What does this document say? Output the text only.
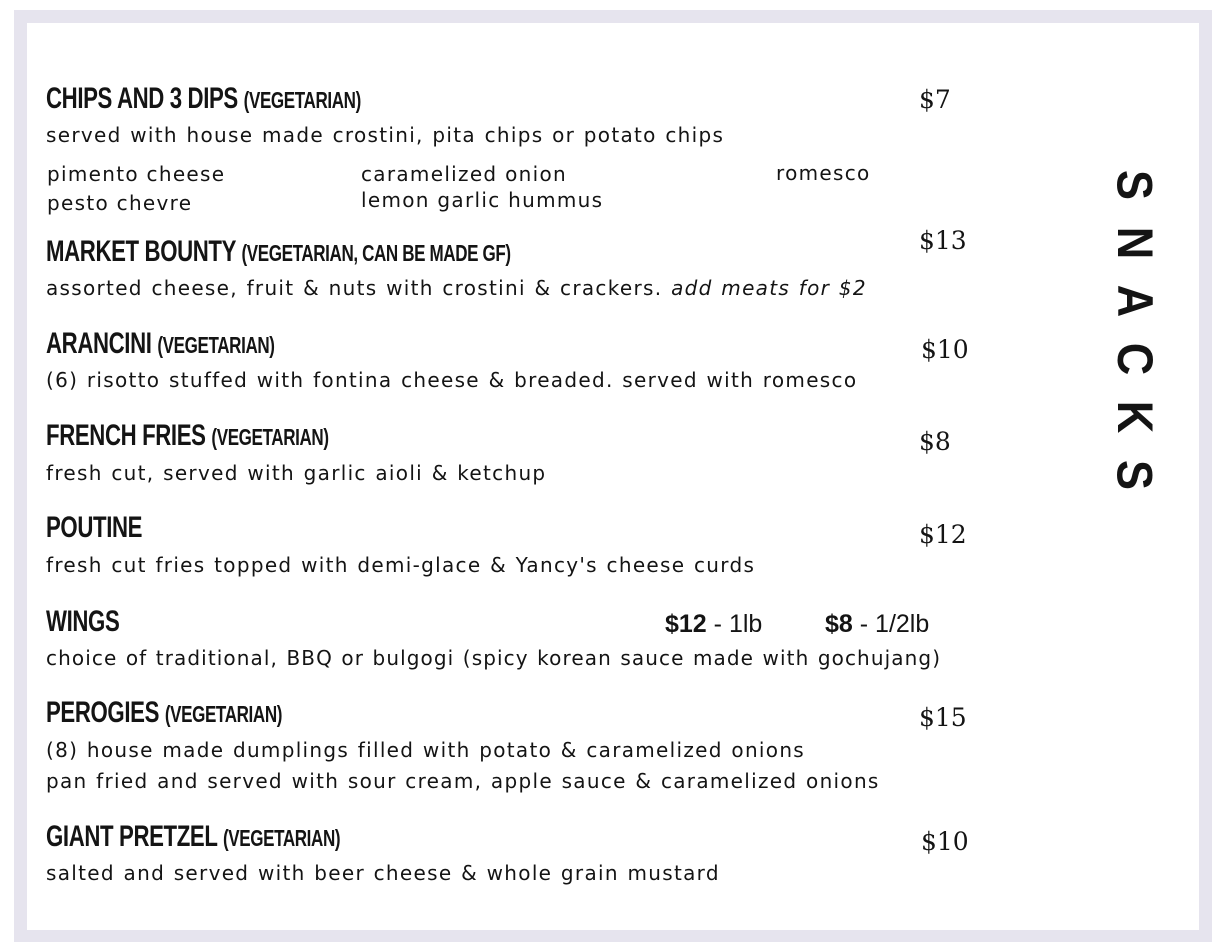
CHIPS AND 3 DIPS (VEGETARIAN)	$7

served with house made crostini, pita chips or potato chips

pimento cheese	caramelized onion	romesco

pesto chevre	lemon garlic hummus

MARKET BOUNTY (VEGETARIAN, CAN BE MADE GF)	$13

assorted cheese, fruit & nuts with crostini & crackers. add meats for $2

ARANCINI (VEGETARIAN)	$10

(6) risotto stuffed with fontina cheese & breaded. served with romesco

FRENCH FRIES (VEGETARIAN)	$8

fresh cut, served with garlic aioli & ketchup

POUTINE	$12

fresh cut fries topped with demi-glace & Yancy's cheese curds

WINGS	$12 - 1lb	$8 - 1/2lb

choice of traditional, BBQ or bulgogi (spicy korean sauce made with gochujang)

PEROGIES (VEGETARIAN)	$15

(8) house made dumplings filled with potato & caramelized onions

pan fried and served with sour cream, apple sauce & caramelized onions

GIANT PRETZEL (VEGETARIAN)	$10

salted and served with beer cheese & whole grain mustard

S
N
A
C
K
S
